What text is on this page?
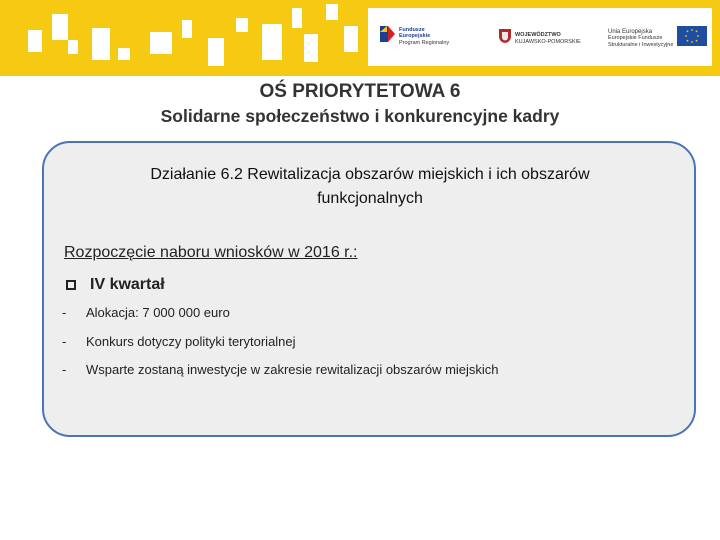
Fundusze
Europejskie
Program Regionalny
WOJEWÓDZTWO
KUJAWSKO-POMORSKIE
Unia Europejska
Europejskie Fundusze
Strukturalne i Inwestycyjne
OŚ PRIORYTETOWA 6
Solidarne społeczeństwo i konkurencyjne kadry
Działanie 6.2 Rewitalizacja obszarów miejskich i ich obszarów funkcjonalnych
Rozpoczęcie naboru wniosków w 2016 r.:
IV kwartał
- Alokacja: 7 000 000 euro
- Konkurs dotyczy polityki terytorialnej
- Wsparte zostaną inwestycje w zakresie rewitalizacji obszarów miejskich
